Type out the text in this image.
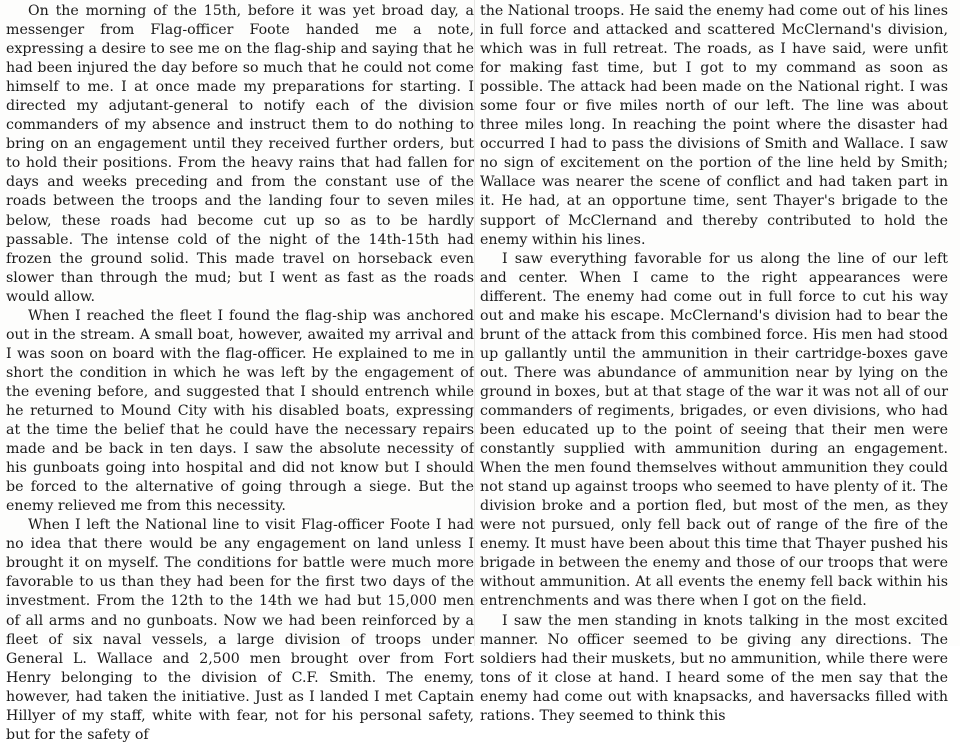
On the morning of the 15th, before it was yet broad day, a messenger from Flag-officer Foote handed me a note, expressing a desire to see me on the flag-ship and saying that he had been injured the day before so much that he could not come himself to me. I at once made my preparations for starting. I directed my adjutant-general to notify each of the division commanders of my absence and instruct them to do nothing to bring on an engagement until they received further orders, but to hold their positions. From the heavy rains that had fallen for days and weeks preceding and from the constant use of the roads between the troops and the landing four to seven miles below, these roads had become cut up so as to be hardly passable. The intense cold of the night of the 14th-15th had frozen the ground solid. This made travel on horseback even slower than through the mud; but I went as fast as the roads would allow.

When I reached the fleet I found the flag-ship was anchored out in the stream. A small boat, however, awaited my arrival and I was soon on board with the flag-officer. He explained to me in short the condition in which he was left by the engagement of the evening before, and suggested that I should entrench while he returned to Mound City with his disabled boats, expressing at the time the belief that he could have the necessary repairs made and be back in ten days. I saw the absolute necessity of his gunboats going into hospital and did not know but I should be forced to the alternative of going through a siege. But the enemy relieved me from this necessity.

When I left the National line to visit Flag-officer Foote I had no idea that there would be any engagement on land unless I brought it on myself. The conditions for battle were much more favorable to us than they had been for the first two days of the investment. From the 12th to the 14th we had but 15,000 men of all arms and no gunboats. Now we had been reinforced by a fleet of six naval vessels, a large division of troops under General L. Wallace and 2,500 men brought over from Fort Henry belonging to the division of C.F. Smith. The enemy, however, had taken the initiative. Just as I landed I met Captain Hillyer of my staff, white with fear, not for his personal safety, but for the safety of

the National troops. He said the enemy had come out of his lines in full force and attacked and scattered McClernand's division, which was in full retreat. The roads, as I have said, were unfit for making fast time, but I got to my command as soon as possible. The attack had been made on the National right. I was some four or five miles north of our left. The line was about three miles long. In reaching the point where the disaster had occurred I had to pass the divisions of Smith and Wallace. I saw no sign of excitement on the portion of the line held by Smith; Wallace was nearer the scene of conflict and had taken part in it. He had, at an opportune time, sent Thayer's brigade to the support of McClernand and thereby contributed to hold the enemy within his lines.

I saw everything favorable for us along the line of our left and center. When I came to the right appearances were different. The enemy had come out in full force to cut his way out and make his escape. McClernand's division had to bear the brunt of the attack from this combined force. His men had stood up gallantly until the ammunition in their cartridge-boxes gave out. There was abundance of ammunition near by lying on the ground in boxes, but at that stage of the war it was not all of our commanders of regiments, brigades, or even divisions, who had been educated up to the point of seeing that their men were constantly supplied with ammunition during an engagement. When the men found themselves without ammunition they could not stand up against troops who seemed to have plenty of it. The division broke and a portion fled, but most of the men, as they were not pursued, only fell back out of range of the fire of the enemy. It must have been about this time that Thayer pushed his brigade in between the enemy and those of our troops that were without ammunition. At all events the enemy fell back within his entrenchments and was there when I got on the field.

I saw the men standing in knots talking in the most excited manner. No officer seemed to be giving any directions. The soldiers had their muskets, but no ammunition, while there were tons of it close at hand. I heard some of the men say that the enemy had come out with knapsacks, and haversacks filled with rations. They seemed to think this
